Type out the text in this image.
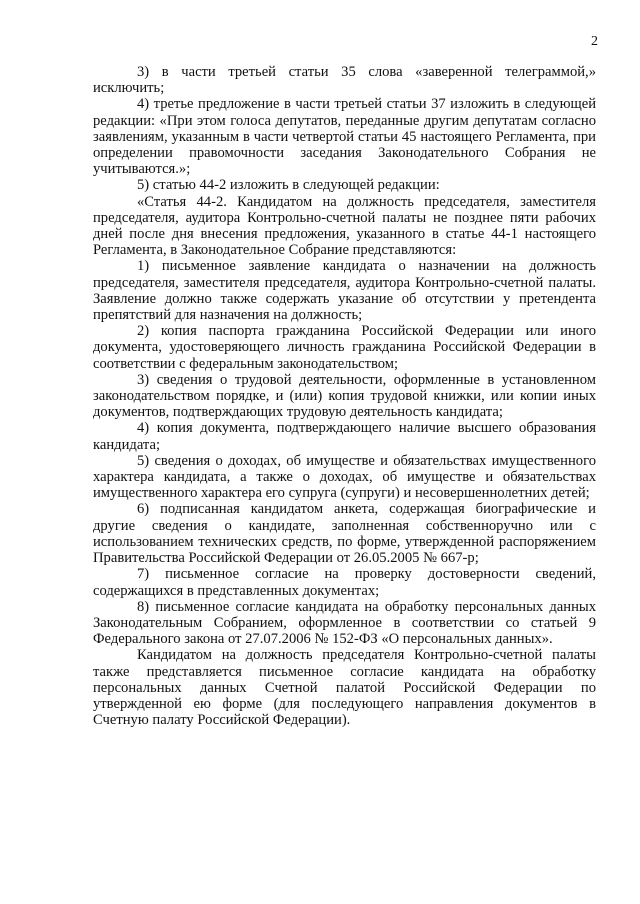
2

3) в части третьей статьи 35 слова «заверенной телеграммой,» исключить;

4) третье предложение в части третьей статьи 37 изложить в следующей редакции: «При этом голоса депутатов, переданные другим депутатам согласно заявлениям, указанным в части четвертой статьи 45 настоящего Регламента, при определении правомочности заседания Законодательного Собрания не учитываются.»;

5) статью 44-2 изложить в следующей редакции:

«Статья 44-2. Кандидатом на должность председателя, заместителя председателя, аудитора Контрольно-счетной палаты не позднее пяти рабочих дней после дня внесения предложения, указанного в статье 44-1 настоящего Регламента, в Законодательное Собрание представляются:

1) письменное заявление кандидата о назначении на должность председателя, заместителя председателя, аудитора Контрольно-счетной палаты. Заявление должно также содержать указание об отсутствии у претендента препятствий для назначения на должность;

2) копия паспорта гражданина Российской Федерации или иного документа, удостоверяющего личность гражданина Российской Федерации в соответствии с федеральным законодательством;

3) сведения о трудовой деятельности, оформленные в установленном законодательством порядке, и (или) копия трудовой книжки, или копии иных документов, подтверждающих трудовую деятельность кандидата;

4) копия документа, подтверждающего наличие высшего образования кандидата;

5) сведения о доходах, об имуществе и обязательствах имущественного характера кандидата, а также о доходах, об имуществе и обязательствах имущественного характера его супруга (супруги) и несовершеннолетних детей;

6) подписанная кандидатом анкета, содержащая биографические и другие сведения о кандидате, заполненная собственноручно или с использованием технических средств, по форме, утвержденной распоряжением Правительства Российской Федерации от 26.05.2005 № 667-р;

7) письменное согласие на проверку достоверности сведений, содержащихся в представленных документах;

8) письменное согласие кандидата на обработку персональных данных Законодательным Собранием, оформленное в соответствии со статьей 9 Федерального закона от 27.07.2006 № 152-ФЗ «О персональных данных».

Кандидатом на должность председателя Контрольно-счетной палаты также представляется письменное согласие кандидата на обработку персональных данных Счетной палатой Российской Федерации по утвержденной ею форме (для последующего направления документов в Счетную палату Российской Федерации).
